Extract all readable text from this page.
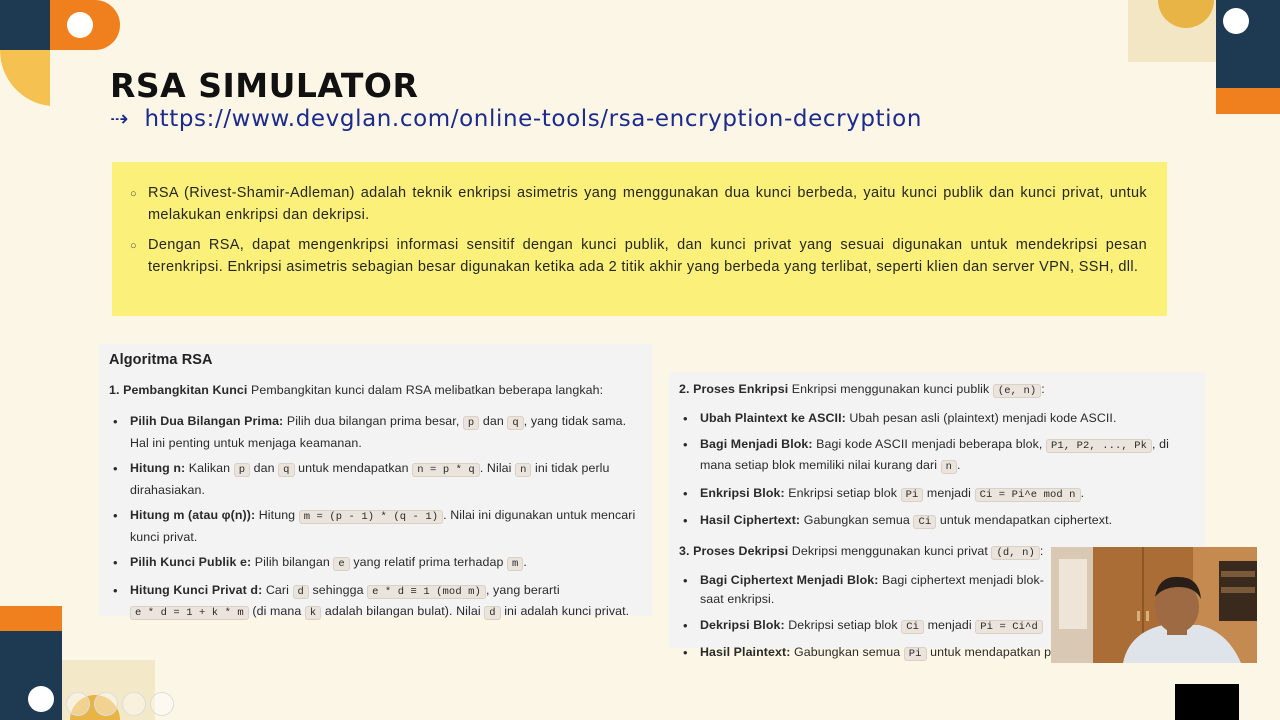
RSA SIMULATOR
⇢ https://www.devglan.com/online-tools/rsa-encryption-decryption
○ RSA (Rivest-Shamir-Adleman) adalah teknik enkripsi asimetris yang menggunakan dua kunci berbeda, yaitu kunci publik dan kunci privat, untuk melakukan enkripsi dan dekripsi.
○ Dengan RSA, dapat mengenkripsi informasi sensitif dengan kunci publik, dan kunci privat yang sesuai digunakan untuk mendekripsi pesan terenkripsi. Enkripsi asimetris sebagian besar digunakan ketika ada 2 titik akhir yang berbeda yang terlibat, seperti klien dan server VPN, SSH, dll.
Algoritma RSA
1. Pembangkitan Kunci Pembangkitan kunci dalam RSA melibatkan beberapa langkah:
• Pilih Dua Bilangan Prima: Pilih dua bilangan prima besar, p dan q , yang tidak sama. Hal ini penting untuk menjaga keamanan.
• Hitung n: Kalikan p dan q untuk mendapatkan n = p * q . Nilai n ini tidak perlu dirahasiakan.
• Hitung m (atau φ(n)): Hitung m = (p - 1) * (q - 1) . Nilai ini digunakan untuk mencari kunci privat.
• Pilih Kunci Publik e: Pilih bilangan e yang relatif prima terhadap m .
• Hitung Kunci Privat d: Cari d sehingga e * d ≡ 1 (mod m) , yang berarti e * d = 1 + k * m (di mana k adalah bilangan bulat). Nilai d ini adalah kunci privat.
2. Proses Enkripsi Enkripsi menggunakan kunci publik (e, n) :
• Ubah Plaintext ke ASCII: Ubah pesan asli (plaintext) menjadi kode ASCII.
• Bagi Menjadi Blok: Bagi kode ASCII menjadi beberapa blok, P1, P2, ..., Pk , di mana setiap blok memiliki nilai kurang dari n .
• Enkripsi Blok: Enkripsi setiap blok Pi menjadi Ci = Pi^e mod n .
• Hasil Ciphertext: Gabungkan semua Ci untuk mendapatkan ciphertext.
3. Proses Dekripsi Dekripsi menggunakan kunci privat (d, n) :
• Bagi Ciphertext Menjadi Blok: Bagi ciphertext menjadi blok-
saat enkripsi.
• Dekripsi Blok: Dekripsi setiap blok Ci menjadi Pi = Ci^d
• Hasil Plaintext: Gabungkan semua Pi untuk mendapatkan p
